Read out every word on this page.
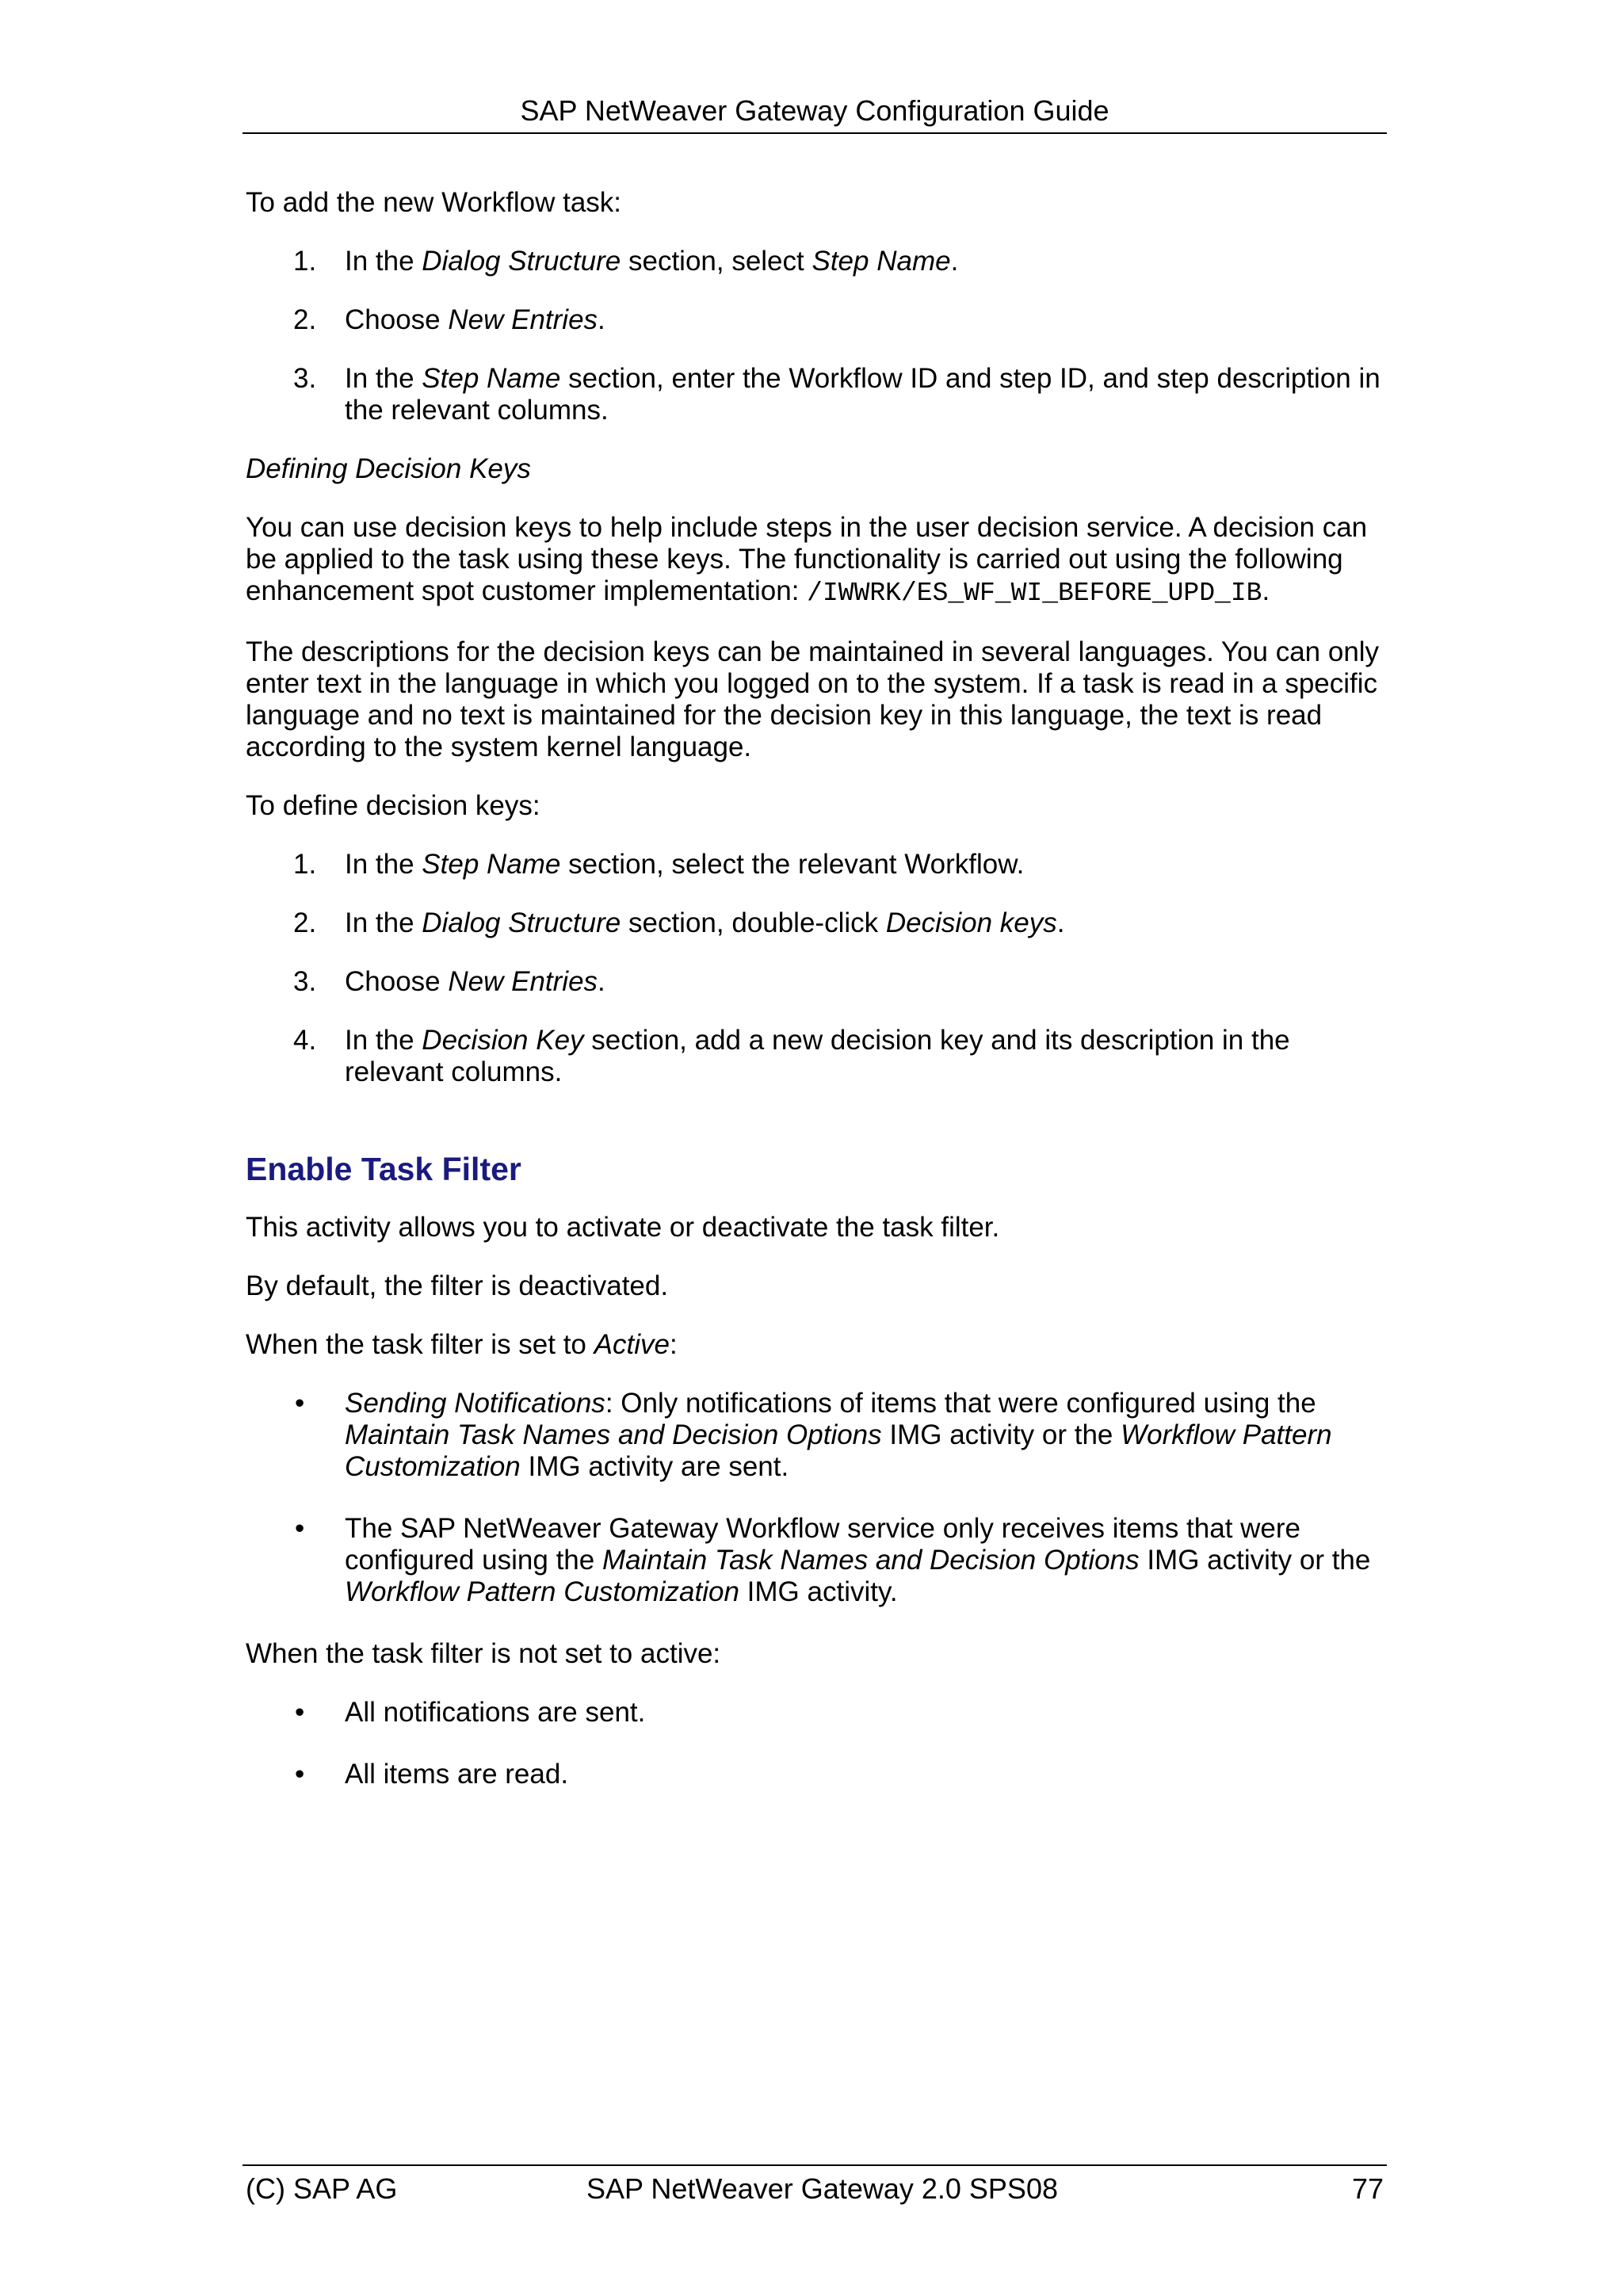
SAP NetWeaver Gateway Configuration Guide

To add the new Workflow task:

1. In the Dialog Structure section, select Step Name.
2. Choose New Entries.
3. In the Step Name section, enter the Workflow ID and step ID, and step description in the relevant columns.

Defining Decision Keys

You can use decision keys to help include steps in the user decision service. A decision can be applied to the task using these keys. The functionality is carried out using the following enhancement spot customer implementation: /IWWRK/ES_WF_WI_BEFORE_UPD_IB.

The descriptions for the decision keys can be maintained in several languages. You can only enter text in the language in which you logged on to the system. If a task is read in a specific language and no text is maintained for the decision key in this language, the text is read according to the system kernel language.

To define decision keys:

1. In the Step Name section, select the relevant Workflow.
2. In the Dialog Structure section, double-click Decision keys.
3. Choose New Entries.
4. In the Decision Key section, add a new decision key and its description in the relevant columns.
Enable Task Filter

This activity allows you to activate or deactivate the task filter.

By default, the filter is deactivated.

When the task filter is set to Active:

• Sending Notifications: Only notifications of items that were configured using the Maintain Task Names and Decision Options IMG activity or the Workflow Pattern Customization IMG activity are sent.
• The SAP NetWeaver Gateway Workflow service only receives items that were configured using the Maintain Task Names and Decision Options IMG activity or the Workflow Pattern Customization IMG activity.

When the task filter is not set to active:

• All notifications are sent.
• All items are read.
(C) SAP AG	SAP NetWeaver Gateway 2.0 SPS08	77
